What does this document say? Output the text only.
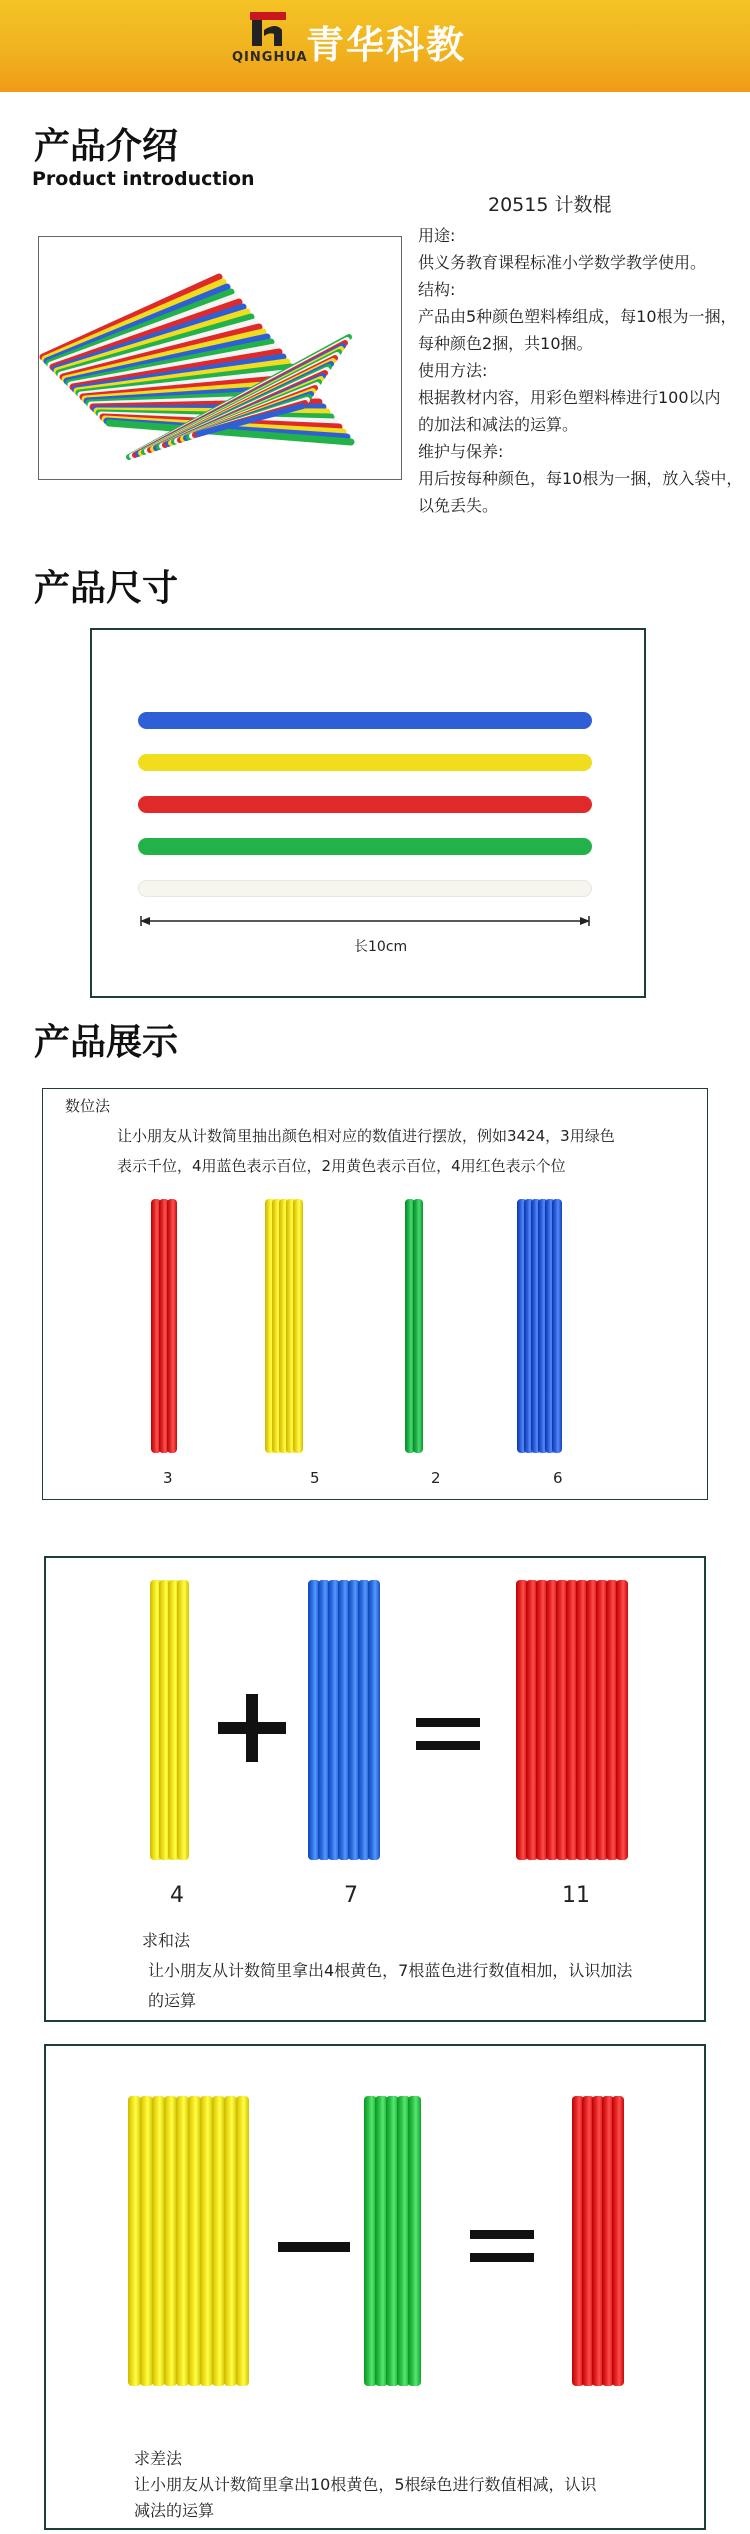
青华科教
QINGHUA
产品介绍
Product introduction
20515 计数棍
用途:
供义务教育课程标准小学数学教学使用。
结构:
产品由5种颜色塑料棒组成，每10根为一捆，
每种颜色2捆，共10捆。
使用方法:
根据教材内容，用彩色塑料棒进行100以内
的加法和减法的运算。
维护与保养:
用后按每种颜色，每10根为一捆，放入袋中，
以免丢失。
产品尺寸
长10cm
产品展示
数位法
让小朋友从计数简里抽出颜色相对应的数值进行摆放，例如3424，3用绿色
表示千位，4用蓝色表示百位，2用黄色表示百位，4用红色表示个位
3	5	2	6
4	7	11
求和法
让小朋友从计数简里拿出4根黄色，7根蓝色进行数值相加，认识加法
的运算
求差法
让小朋友从计数简里拿出10根黄色，5根绿色进行数值相减，认识
减法的运算
